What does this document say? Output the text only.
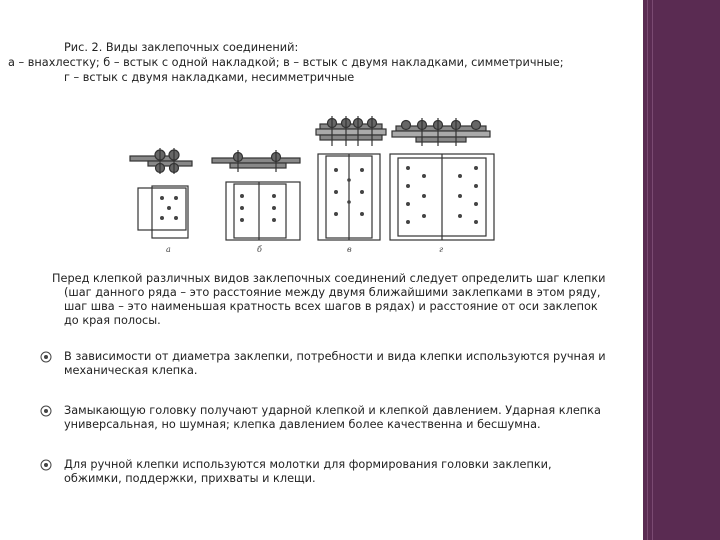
Рис. 2. Виды заклепочных соединений:
а – внахлестку; б – встык с одной накладкой; в – встык с двумя накладками, симметричные;
г – встык с двумя накладками, несимметричные
а	б	в	г
Перед клепкой различных видов заклепочных соединений следует определить шаг клепки
(шаг данного ряда – это расстояние между двумя ближайшими заклепками в этом ряду,
шаг шва – это наименьшая кратность всех шагов в рядах) и расстояние от оси заклепок
до края полосы.
В зависимости от диаметра заклепки, потребности и вида клепки используются ручная и
механическая клепка.
Замыкающую головку получают ударной клепкой и клепкой давлением. Ударная клепка
универсальная, но шумная; клепка давлением более качественна и бесшумна.
Для ручной клепки используются молотки для формирования головки заклепки,
обжимки, поддержки, прихваты и клещи.
